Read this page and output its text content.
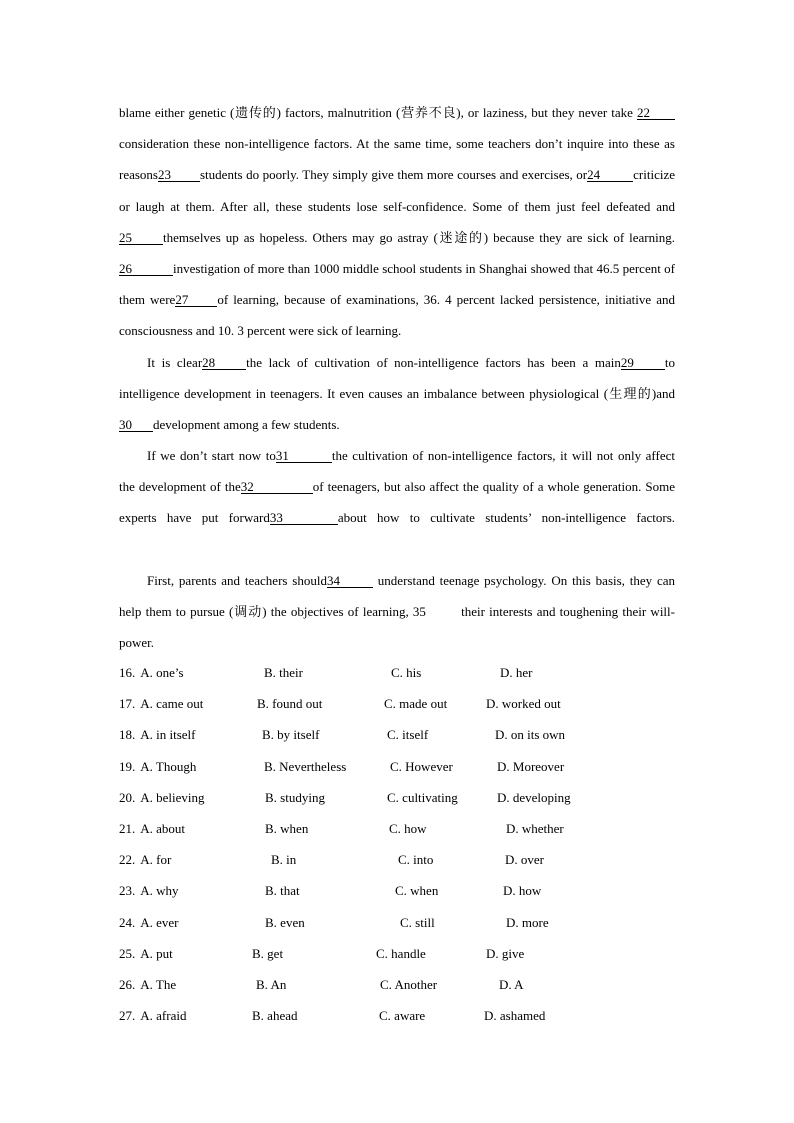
blame either genetic (遗传的) factors, malnutrition (营养不良), or laziness, but they never take 22consideration these non-intelligence factors. At the same time, some teachers don’t inquire into these as reasons23 students do poorly. They simply give them more courses and exercises, or24	criticize or laugh at them. After all, these students lose self-confidence. Some of them just feel defeated and25 themselves up as hopeless. Others may go astray (迷途的) because they are sick of learning. 26	investigation of more than 1000 middle school students in Shanghai showed that 46.5 percent of them were27 of learning, because of examinations, 36. 4 percent lacked persistence, initiative and consciousness and 10. 3 percent were sick of learning.

It is clear28 the lack of cultivation of non-intelligence factors has been a main29 to intelligence development in teenagers. It even causes an imbalance between physiological (生理的)and30 development among a few students.

If we don’t start now to31	the cultivation of non-intelligence factors, it will not only affect the development of the32	of teenagers, but also affect the quality of a whole generation. Some experts have put forward33	about how to cultivate students’ non-intelligence factors.

First, parents and teachers should34	understand teenage psychology. On this basis, they can help them to pursue (调动) the objectives of learning, 35 their interests and toughening their will-power.

16. A. one’s	B. their	C. his	D. her
17. A. came out	B. found out	C. made out	D. worked out
18. A. in itself	B. by itself	C. itself	D. on its own
19. A. Though	B. Nevertheless	C. However	D. Moreover
20. A. believing	B. studying	C. cultivating	D. developing
21. A. about	B. when	C. how	D. whether
22. A. for	B. in	C. into	D. over
23. A. why	B. that	C. when	D. how
24. A. ever	B. even	C. still	D. more
25. A. put	B. get	C. handle	D. give
26. A. The	B. An	C. Another	D. A
27. A. afraid	B. ahead	C. aware	D. ashamed
